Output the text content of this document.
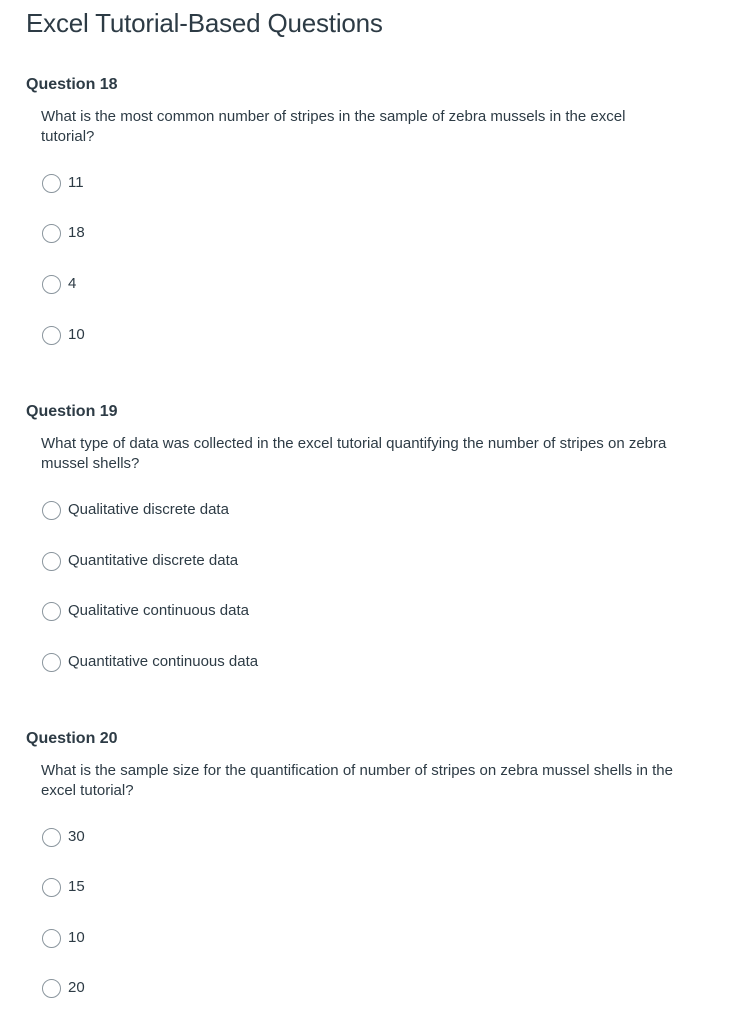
Excel Tutorial-Based Questions
Question 18

What is the most common number of stripes in the sample of zebra mussels in the excel tutorial?

11
18
4
10
Question 19

What type of data was collected in the excel tutorial quantifying the number of stripes on zebra mussel shells?

Qualitative discrete data
Quantitative discrete data
Qualitative continuous data
Quantitative continuous data
Question 20

What is the sample size for the quantification of number of stripes on zebra mussel shells in the excel tutorial?

30
15
10
20
